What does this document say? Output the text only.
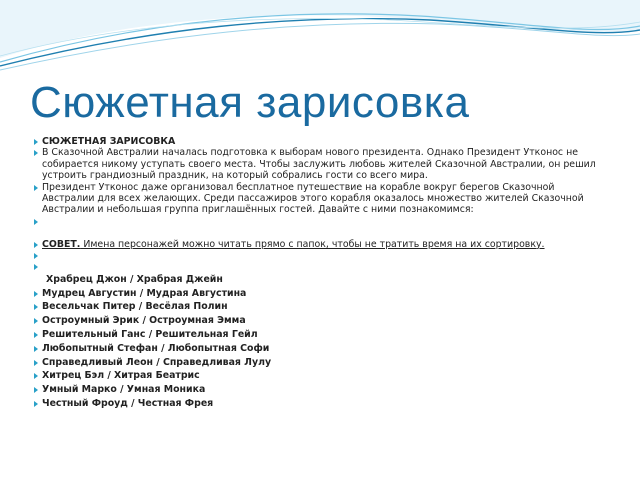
Сюжетная зарисовка
СЮЖЕТНАЯ ЗАРИСОВКА
В Сказочной Австралии началась подготовка к выборам нового президента. Однако Президент Утконос не собирается никому уступать своего места. Чтобы заслужить любовь жителей Сказочной Австралии, он решил устроить грандиозный праздник, на который собрались гости со всего мира.
Президент Утконос даже организовал бесплатное путешествие на корабле вокруг берегов Сказочной Австралии для всех желающих. Среди пассажиров этого корабля оказалось множество жителей Сказочной Австралии и небольшая группа приглашённых гостей. Давайте с ними познакомимся:
СОВЕТ. Имена персонажей можно читать прямо с папок, чтобы не тратить время на их сортировку.
Храбрец Джон / Храбрая Джейн
Мудрец Августин / Мудрая Августина
Весельчак Питер / Весёлая Полин
Остроумный Эрик / Остроумная Эмма
Решительный Ганс / Решительная Гейл
Любопытный Стефан / Любопытная Софи
Справедливый Леон / Справедливая Лулу
Хитрец Бэл / Хитрая Беатрис
Умный Марко / Умная Моника
Честный Фроуд / Честная Фрея
